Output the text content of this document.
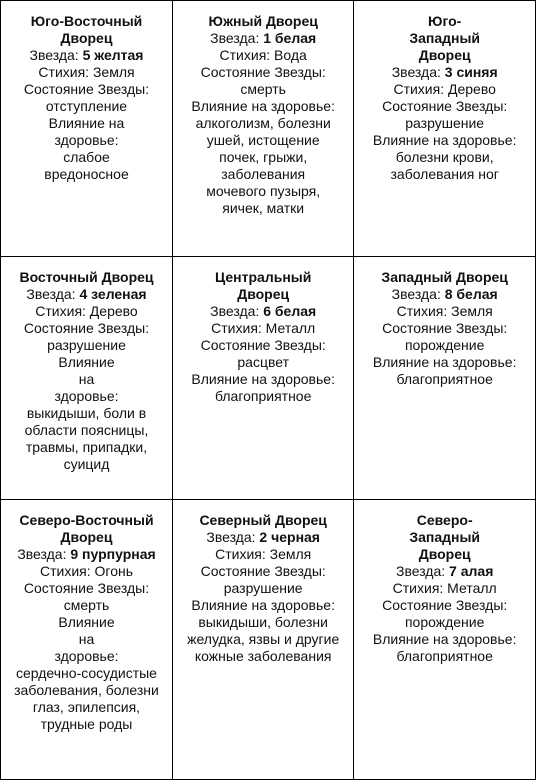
Юго-Восточный Дворец
Звезда: 5 желтая
Стихия: Земля
Состояние Звезды:
отступление
Влияние на здоровье:
слабое вредоносное
Южный Дворец
Звезда: 1 белая
Стихия: Вода
Состояние Звезды:
смерть
Влияние на здоровье:
алкоголизм, болезни ушей, истощение почек, грыжи, заболевания мочевого пузыря, яичек, матки
Юго-Западный Дворец
Звезда: 3 синяя
Стихия: Дерево
Состояние Звезды:
разрушение
Влияние на здоровье:
болезни крови, заболевания ног
Восточный Дворец
Звезда: 4 зеленая
Стихия: Дерево
Состояние Звезды:
разрушение
Влияние на здоровье:
выкидыши, боли в области поясницы, травмы, припадки, суицид
Центральный Дворец
Звезда: 6 белая
Стихия: Металл
Состояние Звезды:
расцвет
Влияние на здоровье:
благоприятное
Западный Дворец
Звезда: 8 белая
Стихия: Земля
Состояние Звезды:
порождение
Влияние на здоровье:
благоприятное
Северо-Восточный Дворец
Звезда: 9 пурпурная
Стихия: Огонь
Состояние Звезды:
смерть
Влияние на здоровье:
сердечно-сосудистые заболевания, болезни глаз, эпилепсия, трудные роды
Северный Дворец
Звезда: 2 черная
Стихия: Земля
Состояние Звезды:
разрушение
Влияние на здоровье:
выкидыши, болезни желудка, язвы и другие кожные заболевания
Северо-Западный Дворец
Звезда: 7 алая
Стихия: Металл
Состояние Звезды:
порождение
Влияние на здоровье:
благоприятное
